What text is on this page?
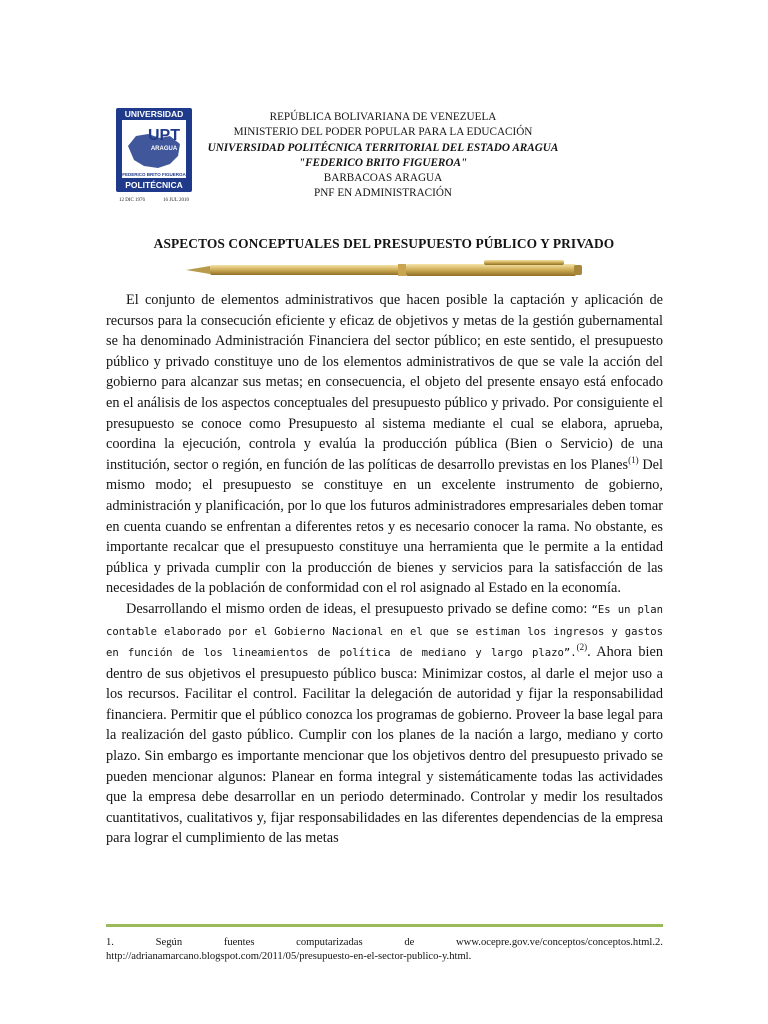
UNIVERSIDAD
UPT
ARAGUA
FEDERICO BRITO FIGUEROA
POLITÉCNICA
12 DIC 1976	16 JUL 2010
REPÚBLICA BOLIVARIANA DE VENEZUELA
MINISTERIO DEL PODER POPULAR PARA LA EDUCACIÓN
UNIVERSIDAD POLITÉCNICA TERRITORIAL DEL ESTADO ARAGUA
"FEDERICO BRITO FIGUEROA"
BARBACOAS ARAGUA
PNF EN ADMINISTRACIÓN
ASPECTOS CONCEPTUALES DEL PRESUPUESTO PÚBLICO Y PRIVADO

El conjunto de elementos administrativos que hacen posible la captación y aplicación de recursos para la consecución eficiente y eficaz de objetivos y metas de la gestión gubernamental se ha denominado Administración Financiera del sector público; en este sentido, el presupuesto público y privado constituye uno de los elementos administrativos de que se vale la acción del gobierno para alcanzar sus metas; en consecuencia, el objeto del presente ensayo está enfocado en el análisis de los aspectos conceptuales del presupuesto público y privado. Por consiguiente el presupuesto se conoce como Presupuesto al sistema mediante el cual se elabora, aprueba, coordina la ejecución, controla y evalúa la producción pública (Bien o Servicio) de una institución, sector o región, en función de las políticas de desarrollo previstas en los Planes$^{(1)}$ Del mismo modo; el presupuesto se constituye en un excelente instrumento de gobierno, administración y planificación, por lo que los futuros administradores empresariales deben tomar en cuenta cuando se enfrentan a diferentes retos y es necesario conocer la rama. No obstante, es importante recalcar que el presupuesto constituye una herramienta que le permite a la entidad pública y privada cumplir con la producción de bienes y servicios para la satisfacción de las necesidades de la población de conformidad con el rol asignado al Estado en la economía.

Desarrollando el mismo orden de ideas, el presupuesto privado se define como: “Es un plan contable elaborado por el Gobierno Nacional en el que se estiman los ingresos y gastos en función de los lineamientos de política de mediano y largo plazo”.$^{(2)}$. Ahora bien dentro de sus objetivos el presupuesto público busca: Minimizar costos, al darle el mejor uso a los recursos. Facilitar el control. Facilitar la delegación de autoridad y fijar la responsabilidad financiera. Permitir que el público conozca los programas de gobierno. Proveer la base legal para la realización del gasto público. Cumplir con los planes de la nación a largo, mediano y corto plazo. Sin embargo es importante mencionar que los objetivos dentro del presupuesto privado se pueden mencionar algunos: Planear en forma integral y sistemáticamente todas las actividades que la empresa debe desarrollar en un periodo determinado. Controlar y medir los resultados cuantitativos, cualitativos y, fijar responsabilidades en las diferentes dependencias de la empresa para lograr el cumplimiento de las metas

1.	Según	fuentes	computarizadas	de	www.ocepre.gov.ve/conceptos/conceptos.html.2.
http://adrianamarcano.blogspot.com/2011/05/presupuesto-en-el-sector-publico-y.html.
